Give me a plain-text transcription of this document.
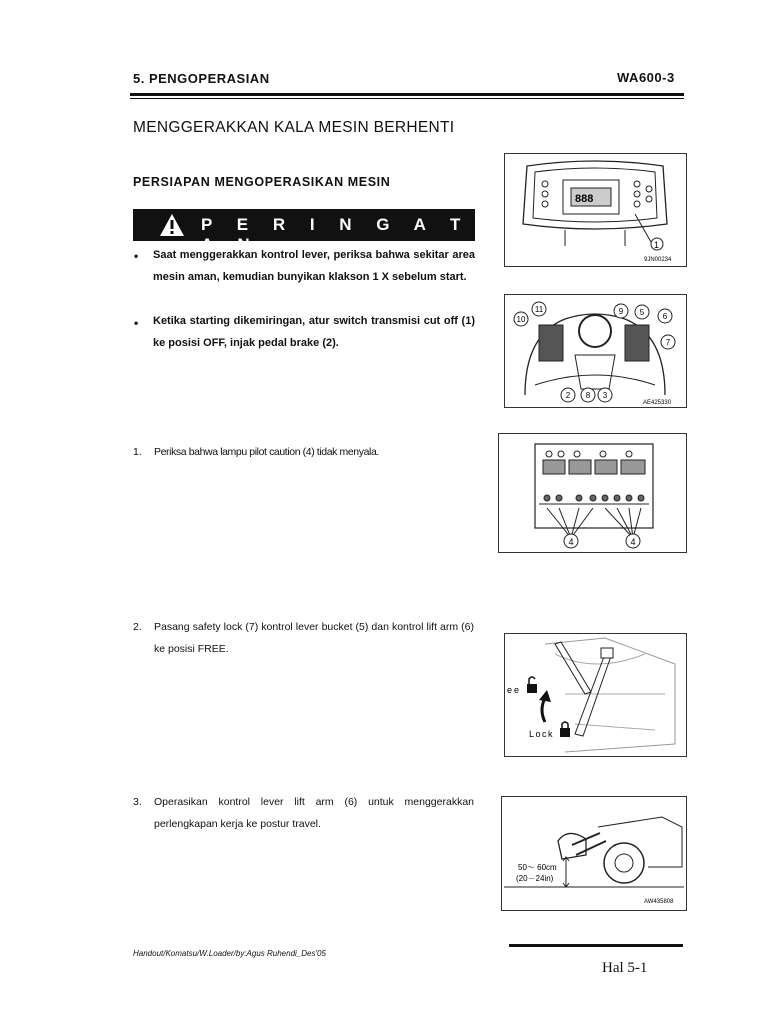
5. PENGOPERASIAN	WA600-3
MENGGERAKKAN KALA MESIN BERHENTI
PERSIAPAN MENGOPERASIKAN MESIN
P E R I N G A T A N
• Saat menggerakkan kontrol lever, periksa bahwa sekitar area mesin aman, kemudian bunyikan klakson 1 X sebelum start.
• Ketika starting dikemiringan, atur switch transmisi cut off (1) ke posisi OFF, injak pedal brake (2).
1. Periksa bahwa lampu pilot caution (4) tidak menyala.
2. Pasang safety lock (7) kontrol lever bucket (5) dan kontrol lift arm (6) ke posisi FREE.
3. Operasikan kontrol lever lift arm (6) untuk menggerakkan perlengkapan kerja ke postur travel.
888
1
9JN00234
11
10
9 5 6
7
2 8 3
AE425330
4	4
ee
Lock
50～ 60cm
(20－24in)
AW435808
Handout/Komatsu/W.Loader/by:Agus Ruhendi_Des'05
Hal 5-1
